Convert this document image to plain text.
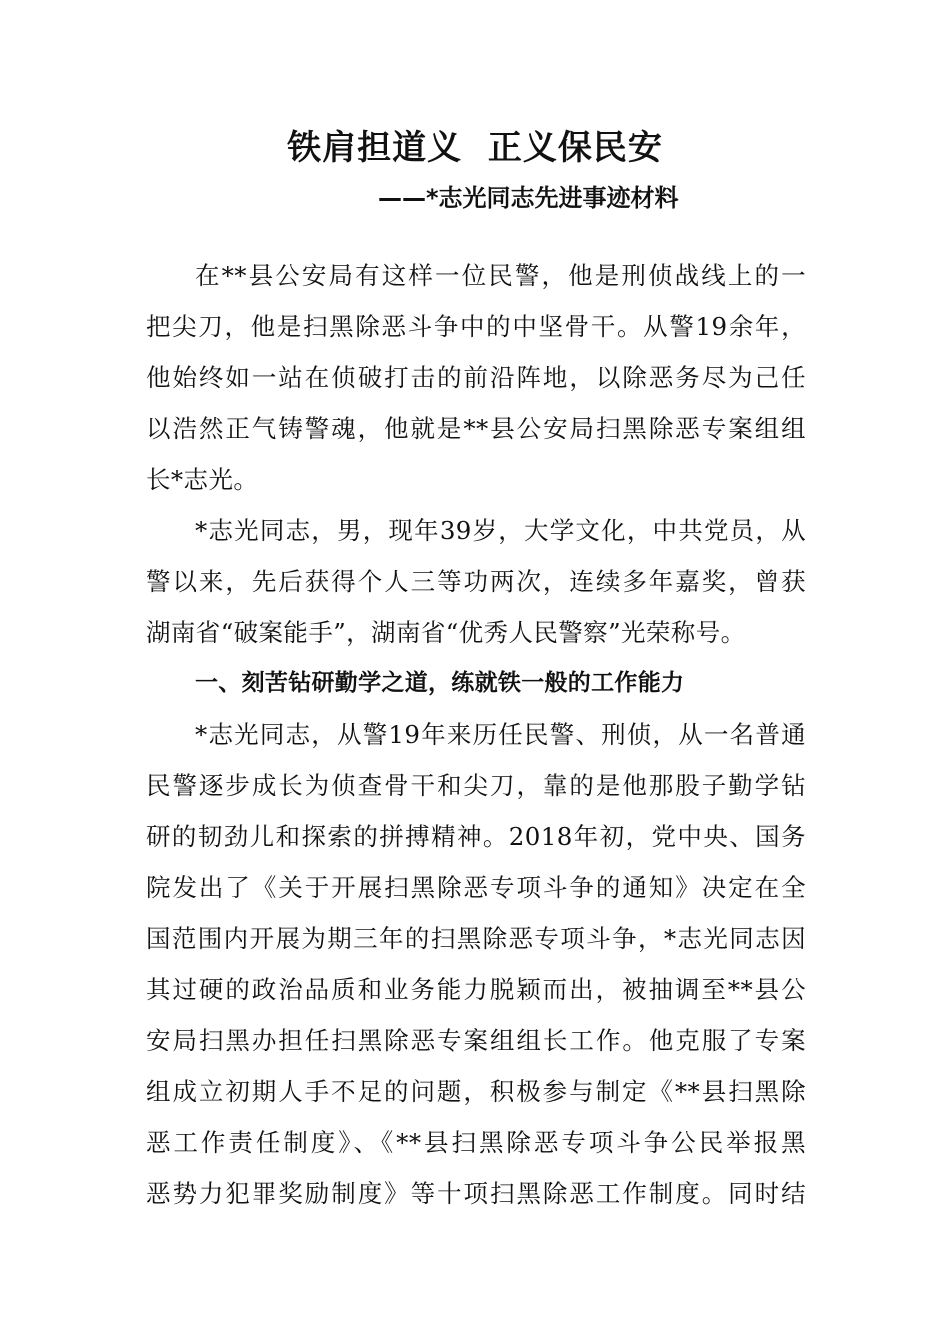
铁肩担道义  正义保民安
——*志光同志先进事迹材料
在**县公安局有这样一位民警，他是刑侦战线上的一
把尖刀，他是扫黑除恶斗争中的中坚骨干。从警19余年，
他始终如一站在侦破打击的前沿阵地，以除恶务尽为己任
以浩然正气铸警魂，他就是**县公安局扫黑除恶专案组组
长*志光。
*志光同志，男，现年39岁，大学文化，中共党员，从
警以来，先后获得个人三等功两次，连续多年嘉奖，曾获
湖南省“破案能手”，湖南省“优秀人民警察”光荣称号。
一、刻苦钻研勤学之道，练就铁一般的工作能力
*志光同志，从警19年来历任民警、刑侦，从一名普通
民警逐步成长为侦查骨干和尖刀，靠的是他那股子勤学钻
研的韧劲儿和探索的拼搏精神。2018年初，党中央、国务
院发出了《关于开展扫黑除恶专项斗争的通知》决定在全
国范围内开展为期三年的扫黑除恶专项斗争，*志光同志因
其过硬的政治品质和业务能力脱颖而出，被抽调至**县公
安局扫黑办担任扫黑除恶专案组组长工作。他克服了专案
组成立初期人手不足的问题，积极参与制定《**县扫黑除
恶工作责任制度》、《**县扫黑除恶专项斗争公民举报黑
恶势力犯罪奖励制度》等十项扫黑除恶工作制度。同时结
